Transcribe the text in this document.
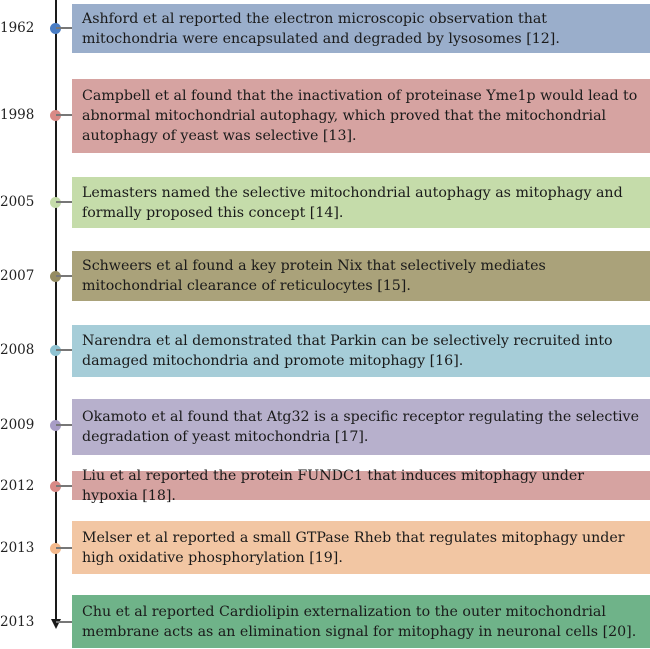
1962
Ashford et al reported the electron microscopic observation that mitochondria were encapsulated and degraded by lysosomes [12].
1998
Campbell et al found that the inactivation of proteinase Yme1p would lead to abnormal mitochondrial autophagy, which proved that the mitochondrial autophagy of yeast was selective [13].
2005
Lemasters named the selective mitochondrial autophagy as mitophagy and formally proposed this concept [14].
2007
Schweers et al found a key protein Nix that selectively mediates mitochondrial clearance of reticulocytes [15].
2008
Narendra et al demonstrated that Parkin can be selectively recruited into damaged mitochondria and promote mitophagy [16].
2009	Okamoto et al found that Atg32 is a specific receptor regulating the selective degradation of yeast mitochondria [17].
2012
Liu et al reported the protein FUNDC1 that induces mitophagy under hypoxia [18].
2013
Melser et al reported a small GTPase Rheb that regulates mitophagy under high oxidative phosphorylation [19].
2013
Chu et al reported Cardiolipin externalization to the outer mitochondrial membrane acts as an elimination signal for mitophagy in neuronal cells [20].
